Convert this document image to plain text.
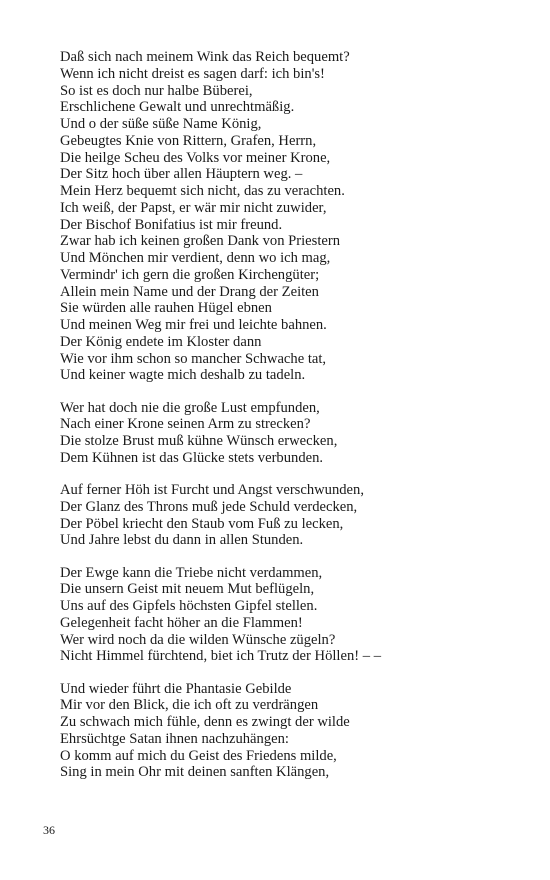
Daß sich nach meinem Wink das Reich bequemt?
Wenn ich nicht dreist es sagen darf: ich bin's!
So ist es doch nur halbe Büberei,
Erschlichene Gewalt und unrechtmäßig.
Und o der süße süße Name König,
Gebeugtes Knie von Rittern, Grafen, Herrn,
Die heilge Scheu des Volks vor meiner Krone,
Der Sitz hoch über allen Häuptern weg. –
Mein Herz bequemt sich nicht, das zu verachten.
Ich weiß, der Papst, er wär mir nicht zuwider,
Der Bischof Bonifatius ist mir freund.
Zwar hab ich keinen großen Dank von Priestern
Und Mönchen mir verdient, denn wo ich mag,
Vermindr' ich gern die großen Kirchengüter;
Allein mein Name und der Drang der Zeiten
Sie würden alle rauhen Hügel ebnen
Und meinen Weg mir frei und leichte bahnen.
Der König endete im Kloster dann
Wie vor ihm schon so mancher Schwache tat,
Und keiner wagte mich deshalb zu tadeln.
Wer hat doch nie die große Lust empfunden,
Nach einer Krone seinen Arm zu strecken?
Die stolze Brust muß kühne Wünsch erwecken,
Dem Kühnen ist das Glücke stets verbunden.
Auf ferner Höh ist Furcht und Angst verschwunden,
Der Glanz des Throns muß jede Schuld verdecken,
Der Pöbel kriecht den Staub vom Fuß zu lecken,
Und Jahre lebst du dann in allen Stunden.
Der Ewge kann die Triebe nicht verdammen,
Die unsern Geist mit neuem Mut beflügeln,
Uns auf des Gipfels höchsten Gipfel stellen.
Gelegenheit facht höher an die Flammen!
Wer wird noch da die wilden Wünsche zügeln?
Nicht Himmel fürchtend, biet ich Trutz der Höllen! – –
Und wieder führt die Phantasie Gebilde
Mir vor den Blick, die ich oft zu verdrängen
Zu schwach mich fühle, denn es zwingt der wilde
Ehrsüchtge Satan ihnen nachzuhängen:
O komm auf mich du Geist des Friedens milde,
Sing in mein Ohr mit deinen sanften Klängen,
36
